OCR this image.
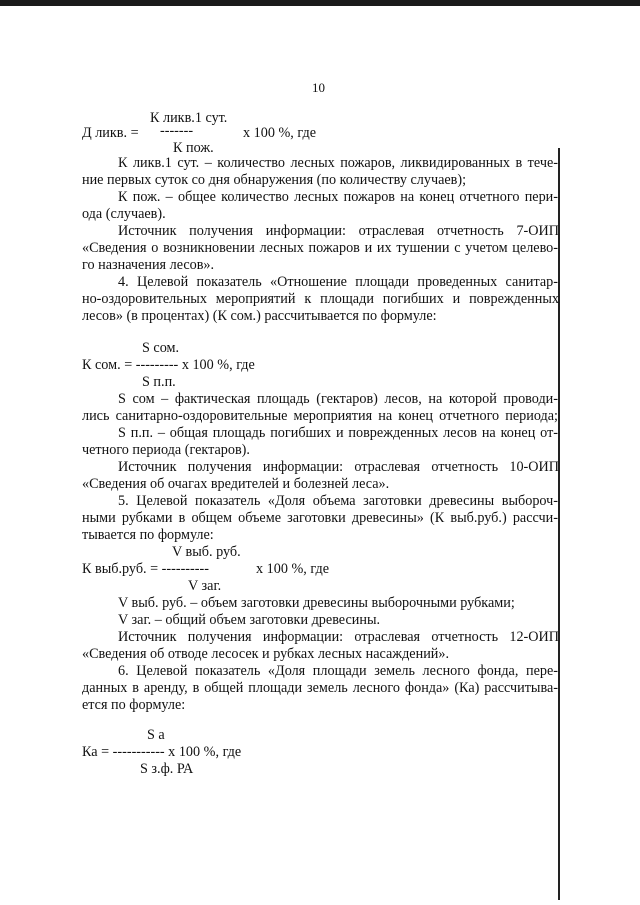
10
К ликв.1 сут.
Д ликв. = -------	х 100 %, где
К пож.
К ликв.1 сут. – количество лесных пожаров, ликвидированных в тече-
ние первых суток со дня обнаружения (по количеству случаев);
К пож. – общее количество лесных пожаров на конец отчетного пери-
ода (случаев).
Источник получения информации: отраслевая отчетность 7-ОИП
«Сведения о возникновении лесных пожаров и их тушении с учетом целево-
го назначения лесов».
4. Целевой показатель «Отношение площади проведенных санитар-
но-оздоровительных мероприятий к площади погибших и поврежденных
лесов» (в процентах) (К сом.) рассчитывается по формуле:
S сом.
К сом. = --------- х 100 %, где
S п.п.
S сом – фактическая площадь (гектаров) лесов, на которой проводи-
лись санитарно-оздоровительные мероприятия на конец отчетного периода;
S п.п. – общая площадь погибших и поврежденных лесов на конец от-
четного периода (гектаров).
Источник получения информации: отраслевая отчетность 10-ОИП
«Сведения об очагах вредителей и болезней леса».
5. Целевой показатель «Доля объема заготовки древесины выбороч-
ными рубками в общем объеме заготовки древесины» (К выб.руб.) рассчи-
тывается по формуле:
V выб. руб.
К выб.руб. = ----------	х 100 %, где
V заг.
V выб. руб. – объем заготовки древесины выборочными рубками;
V заг. – общий объем заготовки древесины.
Источник получения информации: отраслевая отчетность 12-ОИП
«Сведения об отводе лесосек и рубках лесных насаждений».
6. Целевой показатель «Доля площади земель лесного фонда, пере-
данных в аренду, в общей площади земель лесного фонда» (Ка) рассчитыва-
ется по формуле:
S а
Ка = ----------- х 100 %, где
S з.ф. РА
